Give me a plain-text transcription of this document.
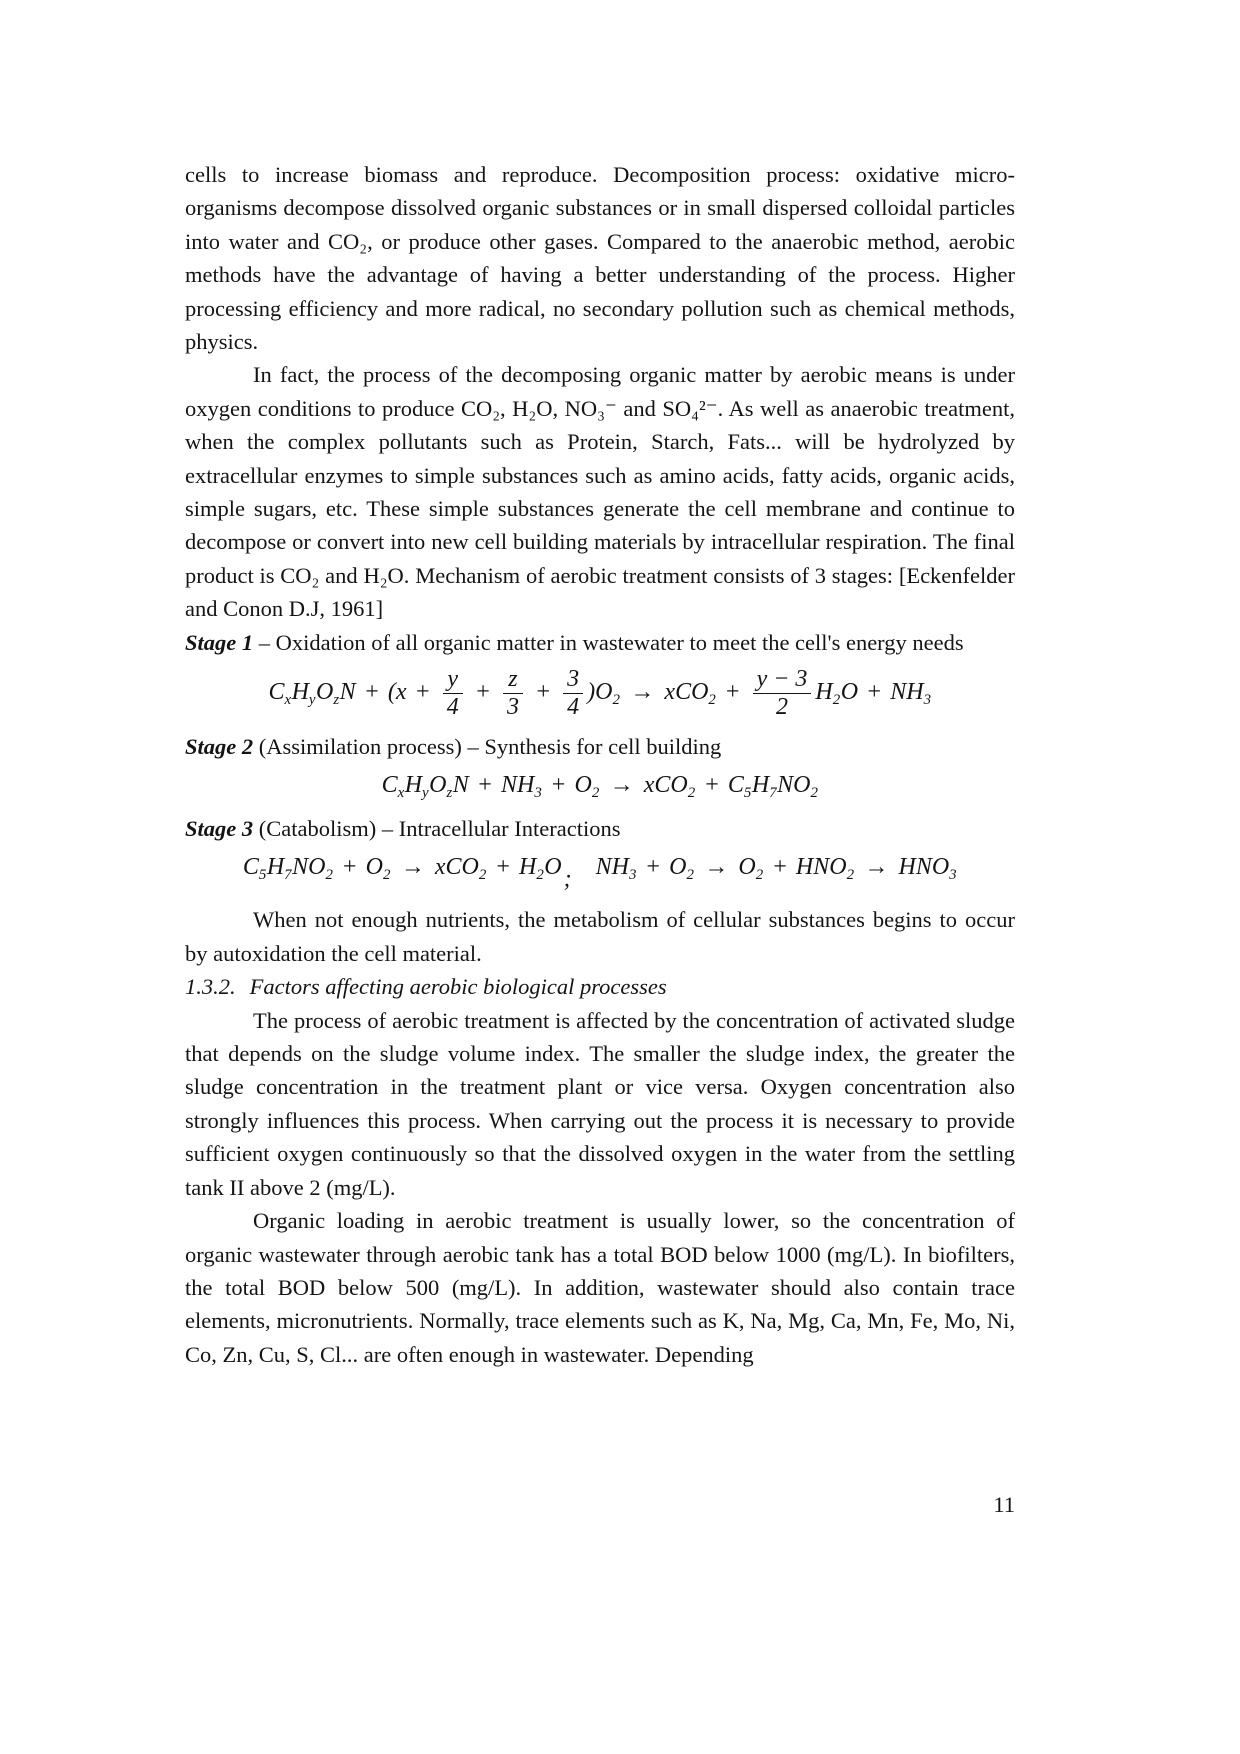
cells to increase biomass and reproduce. Decomposition process: oxidative micro-organisms decompose dissolved organic substances or in small dispersed colloidal particles into water and CO₂, or produce other gases. Compared to the anaerobic method, aerobic methods have the advantage of having a better understanding of the process. Higher processing efficiency and more radical, no secondary pollution such as chemical methods, physics.

In fact, the process of the decomposing organic matter by aerobic means is under oxygen conditions to produce CO₂, H₂O, NO₃⁻ and SO₄²⁻. As well as anaerobic treatment, when the complex pollutants such as Protein, Starch, Fats... will be hydrolyzed by extracellular enzymes to simple substances such as amino acids, fatty acids, organic acids, simple sugars, etc. These simple substances generate the cell membrane and continue to decompose or convert into new cell building materials by intracellular respiration. The final product is CO₂ and H₂O. Mechanism of aerobic treatment consists of 3 stages: [Eckenfelder and Conon D.J, 1961]

Stage 1 – Oxidation of all organic matter in wastewater to meet the cell's energy needs

$C_xH_yO_zN + (x + \frac{y}{4} + \frac{z}{3} + \frac{3}{4} )O_2 \to xCO_2 + \frac{y - 3}{2} H_2O + NH_3$

Stage 2 (Assimilation process) – Synthesis for cell building

$C_xH_yO_zN + NH_3 + O_2 \to xCO_2 + C_5H_7NO_2$

Stage 3 (Catabolism) – Intracellular Interactions

$C_5H_7NO_2 + O_2 \to xCO_2 + H_2O$; $NH_3 + O_2 \to O_2 + HNO_2 \to HNO_3$

When not enough nutrients, the metabolism of cellular substances begins to occur by autoxidation the cell material.

1.3.2. Factors affecting aerobic biological processes

The process of aerobic treatment is affected by the concentration of activated sludge that depends on the sludge volume index. The smaller the sludge index, the greater the sludge concentration in the treatment plant or vice versa. Oxygen concentration also strongly influences this process. When carrying out the process it is necessary to provide sufficient oxygen continuously so that the dissolved oxygen in the water from the settling tank II above 2 (mg/L).

Organic loading in aerobic treatment is usually lower, so the concentration of organic wastewater through aerobic tank has a total BOD below 1000 (mg/L). In biofilters, the total BOD below 500 (mg/L). In addition, wastewater should also contain trace elements, micronutrients. Normally, trace elements such as K, Na, Mg, Ca, Mn, Fe, Mo, Ni, Co, Zn, Cu, S, Cl... are often enough in wastewater. Depending

11
